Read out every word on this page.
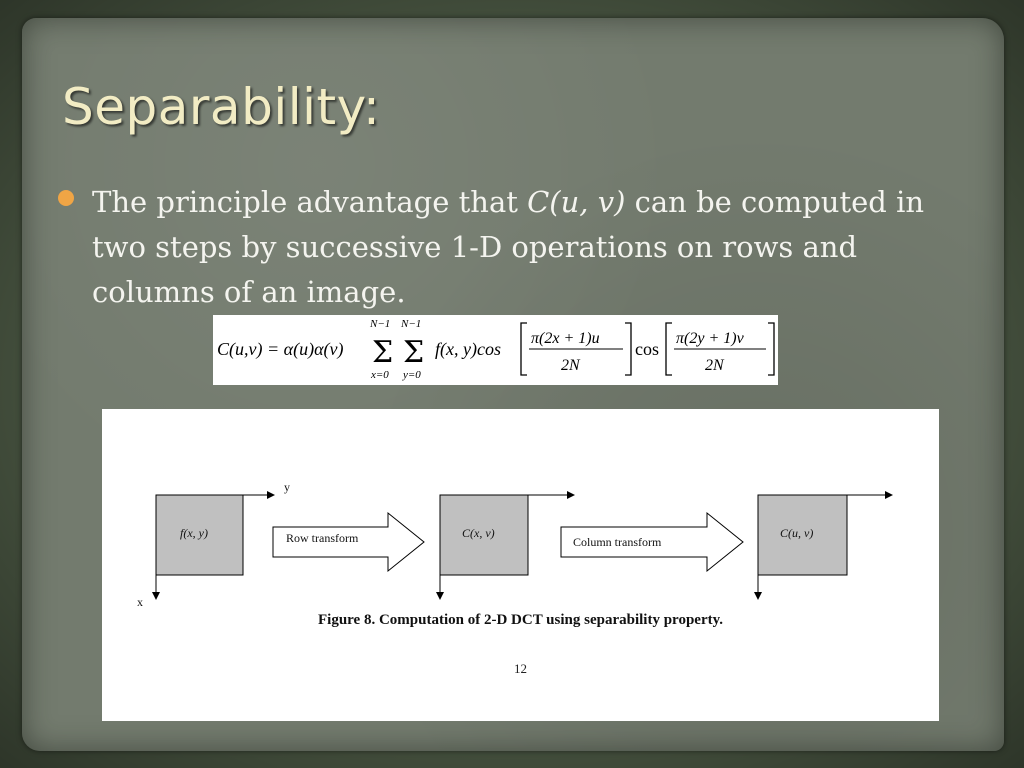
Separability:

The principle advantage that C(u, v) can be computed in two steps by successive 1-D operations on rows and columns of an image.

C(u,v) = α(u)α(v)
N−1 N−1
Σ Σ
x=0 y=0
f(x, y)cos
π(2x + 1)u
2N
cos
π(2y + 1)v
2N
f(x, y)
y
x
Row transform	C(x, v)
Column transform
C(u, v)
Figure 8. Computation of 2-D DCT using separability property.
12
